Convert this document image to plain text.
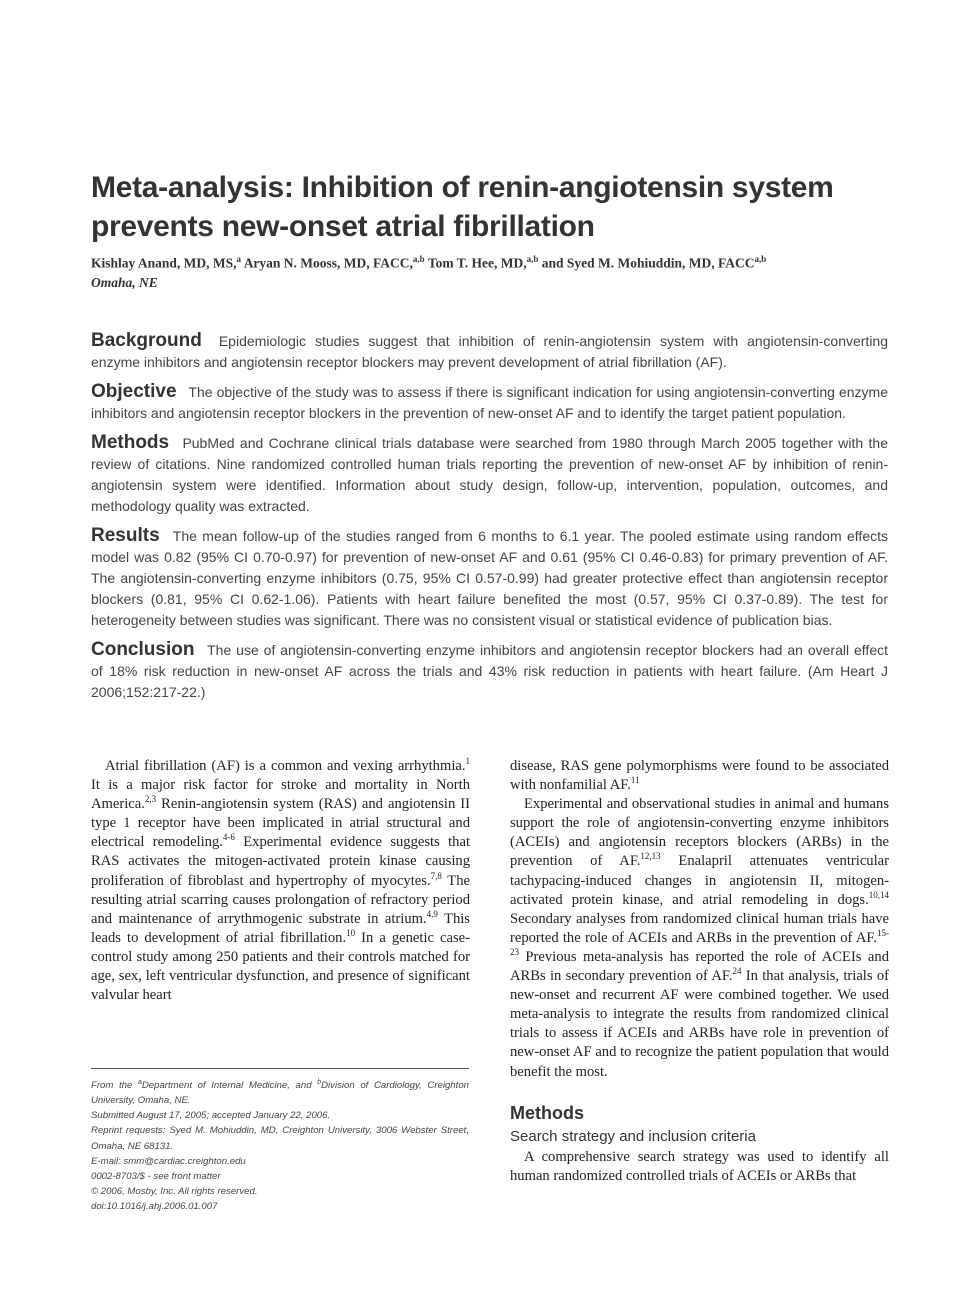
Meta-analysis: Inhibition of renin-angiotensin system prevents new-onset atrial fibrillation
Kishlay Anand, MD, MS,$^a$ Aryan N. Mooss, MD, FACC,$^{a,b}$ Tom T. Hee, MD,$^{a,b}$ and Syed M. Mohiuddin, MD, FACC$^{a,b}$
Omaha, NE

Background Epidemiologic studies suggest that inhibition of renin-angiotensin system with angiotensin-converting enzyme inhibitors and angiotensin receptor blockers may prevent development of atrial fibrillation (AF).

Objective The objective of the study was to assess if there is significant indication for using angiotensin-converting enzyme inhibitors and angiotensin receptor blockers in the prevention of new-onset AF and to identify the target patient population.

Methods PubMed and Cochrane clinical trials database were searched from 1980 through March 2005 together with the review of citations. Nine randomized controlled human trials reporting the prevention of new-onset AF by inhibition of renin-angiotensin system were identified. Information about study design, follow-up, intervention, population, outcomes, and methodology quality was extracted.

Results The mean follow-up of the studies ranged from 6 months to 6.1 year. The pooled estimate using random effects model was 0.82 (95% CI 0.70-0.97) for prevention of new-onset AF and 0.61 (95% CI 0.46-0.83) for primary prevention of AF. The angiotensin-converting enzyme inhibitors (0.75, 95% CI 0.57-0.99) had greater protective effect than angiotensin receptor blockers (0.81, 95% CI 0.62-1.06). Patients with heart failure benefited the most (0.57, 95% CI 0.37-0.89). The test for heterogeneity between studies was significant. There was no consistent visual or statistical evidence of publication bias.

Conclusion The use of angiotensin-converting enzyme inhibitors and angiotensin receptor blockers had an overall effect of 18% risk reduction in new-onset AF across the trials and 43% risk reduction in patients with heart failure. (Am Heart J 2006;152:217-22.)

Atrial fibrillation (AF) is a common and vexing arrhythmia.$^1$ It is a major risk factor for stroke and mortality in North America.$^{2,3}$ Renin-angiotensin system (RAS) and angiotensin II type 1 receptor have been implicated in atrial structural and electrical remodeling.$^{4-6}$ Experimental evidence suggests that RAS activates the mitogen-activated protein kinase causing proliferation of fibroblast and hypertrophy of myocytes.$^{7,8}$ The resulting atrial scarring causes prolongation of refractory period and maintenance of arrythmogenic substrate in atrium.$^{4,9}$ This leads to development of atrial fibrillation.$^{10}$ In a genetic case-control study among 250 patients and their controls matched for age, sex, left ventricular dysfunction, and presence of significant valvular heart

disease, RAS gene polymorphisms were found to be associated with nonfamilial AF.$^{11}$

Experimental and observational studies in animal and humans support the role of angiotensin-converting enzyme inhibitors (ACEIs) and angiotensin receptors blockers (ARBs) in the prevention of AF.$^{12,13}$ Enalapril attenuates ventricular tachypacing-induced changes in angiotensin II, mitogen-activated protein kinase, and atrial remodeling in dogs.$^{10,14}$ Secondary analyses from randomized clinical human trials have reported the role of ACEIs and ARBs in the prevention of AF.$^{15-23}$ Previous meta-analysis has reported the role of ACEIs and ARBs in secondary prevention of AF.$^{24}$ In that analysis, trials of new-onset and recurrent AF were combined together. We used meta-analysis to integrate the results from randomized clinical trials to assess if ACEIs and ARBs have role in prevention of new-onset AF and to recognize the patient population that would benefit the most.

Methods
Search strategy and inclusion criteria

A comprehensive search strategy was used to identify all human randomized controlled trials of ACEIs or ARBs that

From the $^a$Department of Internal Medicine, and $^b$Division of Cardiology, Creighton University, Omaha, NE.
Submitted August 17, 2005; accepted January 22, 2006.
Reprint requests: Syed M. Mohiuddin, MD, Creighton University, 3006 Webster Street, Omaha, NE 68131.
E-mail: smm@cardiac.creighton.edu
0002-8703/$ - see front matter
© 2006, Mosby, Inc. All rights reserved.
doi:10.1016/j.ahj.2006.01.007
